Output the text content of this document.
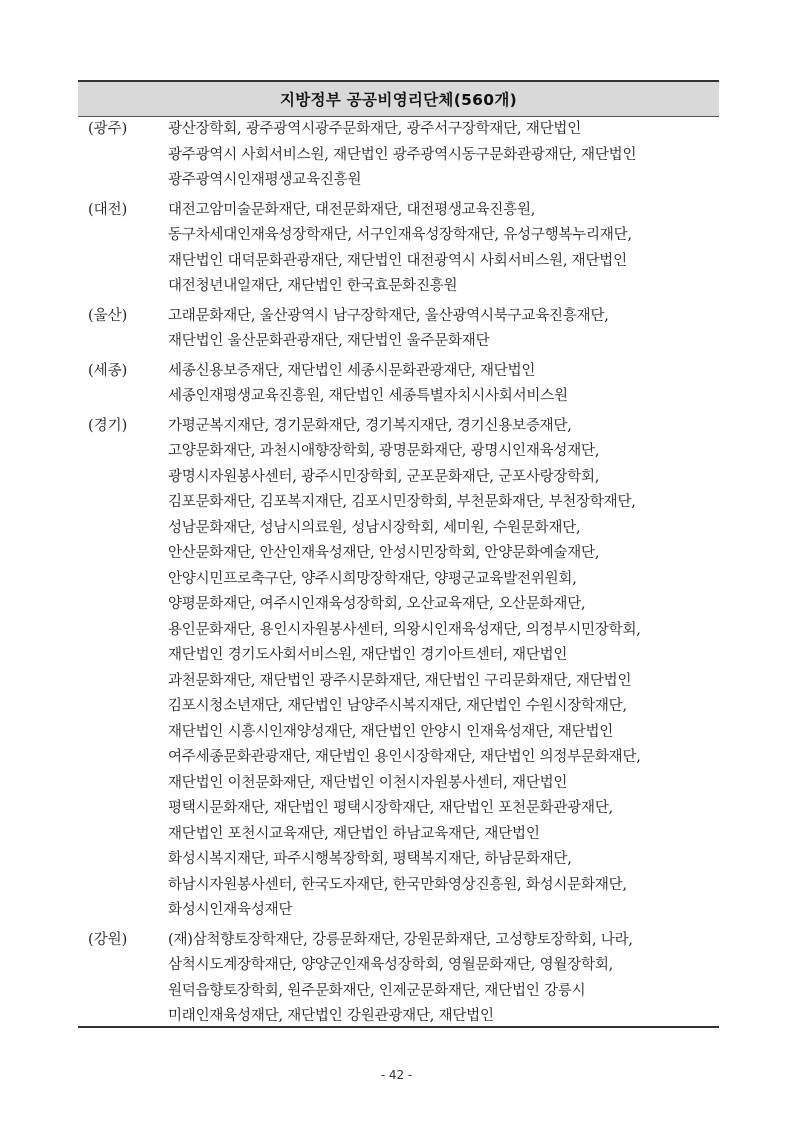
지방정부 공공비영리단체(560개)
(광주)	광산장학회, 광주광역시광주문화재단, 광주서구장학재단, 재단법인
광주광역시 사회서비스원, 재단법인 광주광역시동구문화관광재단, 재단법인
광주광역시인재평생교육진흥원
(대전)	대전고암미술문화재단, 대전문화재단, 대전평생교육진흥원,
동구차세대인재육성장학재단, 서구인재육성장학재단, 유성구행복누리재단,
재단법인 대덕문화관광재단, 재단법인 대전광역시 사회서비스원, 재단법인
대전청년내일재단, 재단법인 한국효문화진흥원
(울산)	고래문화재단, 울산광역시 남구장학재단, 울산광역시북구교육진흥재단,
재단법인 울산문화관광재단, 재단법인 울주문화재단
(세종)	세종신용보증재단, 재단법인 세종시문화관광재단, 재단법인
세종인재평생교육진흥원, 재단법인 세종특별자치시사회서비스원
(경기)	가평군복지재단, 경기문화재단, 경기복지재단, 경기신용보증재단,
고양문화재단, 과천시애향장학회, 광명문화재단, 광명시인재육성재단,
광명시자원봉사센터, 광주시민장학회, 군포문화재단, 군포사랑장학회,
김포문화재단, 김포복지재단, 김포시민장학회, 부천문화재단, 부천장학재단,
성남문화재단, 성남시의료원, 성남시장학회, 세미원, 수원문화재단,
안산문화재단, 안산인재육성재단, 안성시민장학회, 안양문화예술재단,
안양시민프로축구단, 양주시희망장학재단, 양평군교육발전위원회,
양평문화재단, 여주시인재육성장학회, 오산교육재단, 오산문화재단,
용인문화재단, 용인시자원봉사센터, 의왕시인재육성재단, 의정부시민장학회,
재단법인 경기도사회서비스원, 재단법인 경기아트센터, 재단법인
과천문화재단, 재단법인 광주시문화재단, 재단법인 구리문화재단, 재단법인
김포시청소년재단, 재단법인 남양주시복지재단, 재단법인 수원시장학재단,
재단법인 시흥시인재양성재단, 재단법인 안양시 인재육성재단, 재단법인
여주세종문화관광재단, 재단법인 용인시장학재단, 재단법인 의정부문화재단,
재단법인 이천문화재단, 재단법인 이천시자원봉사센터, 재단법인
평택시문화재단, 재단법인 평택시장학재단, 재단법인 포천문화관광재단,
재단법인 포천시교육재단, 재단법인 하남교육재단, 재단법인
화성시복지재단, 파주시행복장학회, 평택복지재단, 하남문화재단,
하남시자원봉사센터, 한국도자재단, 한국만화영상진흥원, 화성시문화재단,
화성시인재육성재단
(강원)	(재)삼척향토장학재단, 강릉문화재단, 강원문화재단, 고성향토장학회, 나라,
삼척시도계장학재단, 양양군인재육성장학회, 영월문화재단, 영월장학회,
원덕읍향토장학회, 원주문화재단, 인제군문화재단, 재단법인 강릉시
미래인재육성재단, 재단법인 강원관광재단, 재단법인
- 42 -
